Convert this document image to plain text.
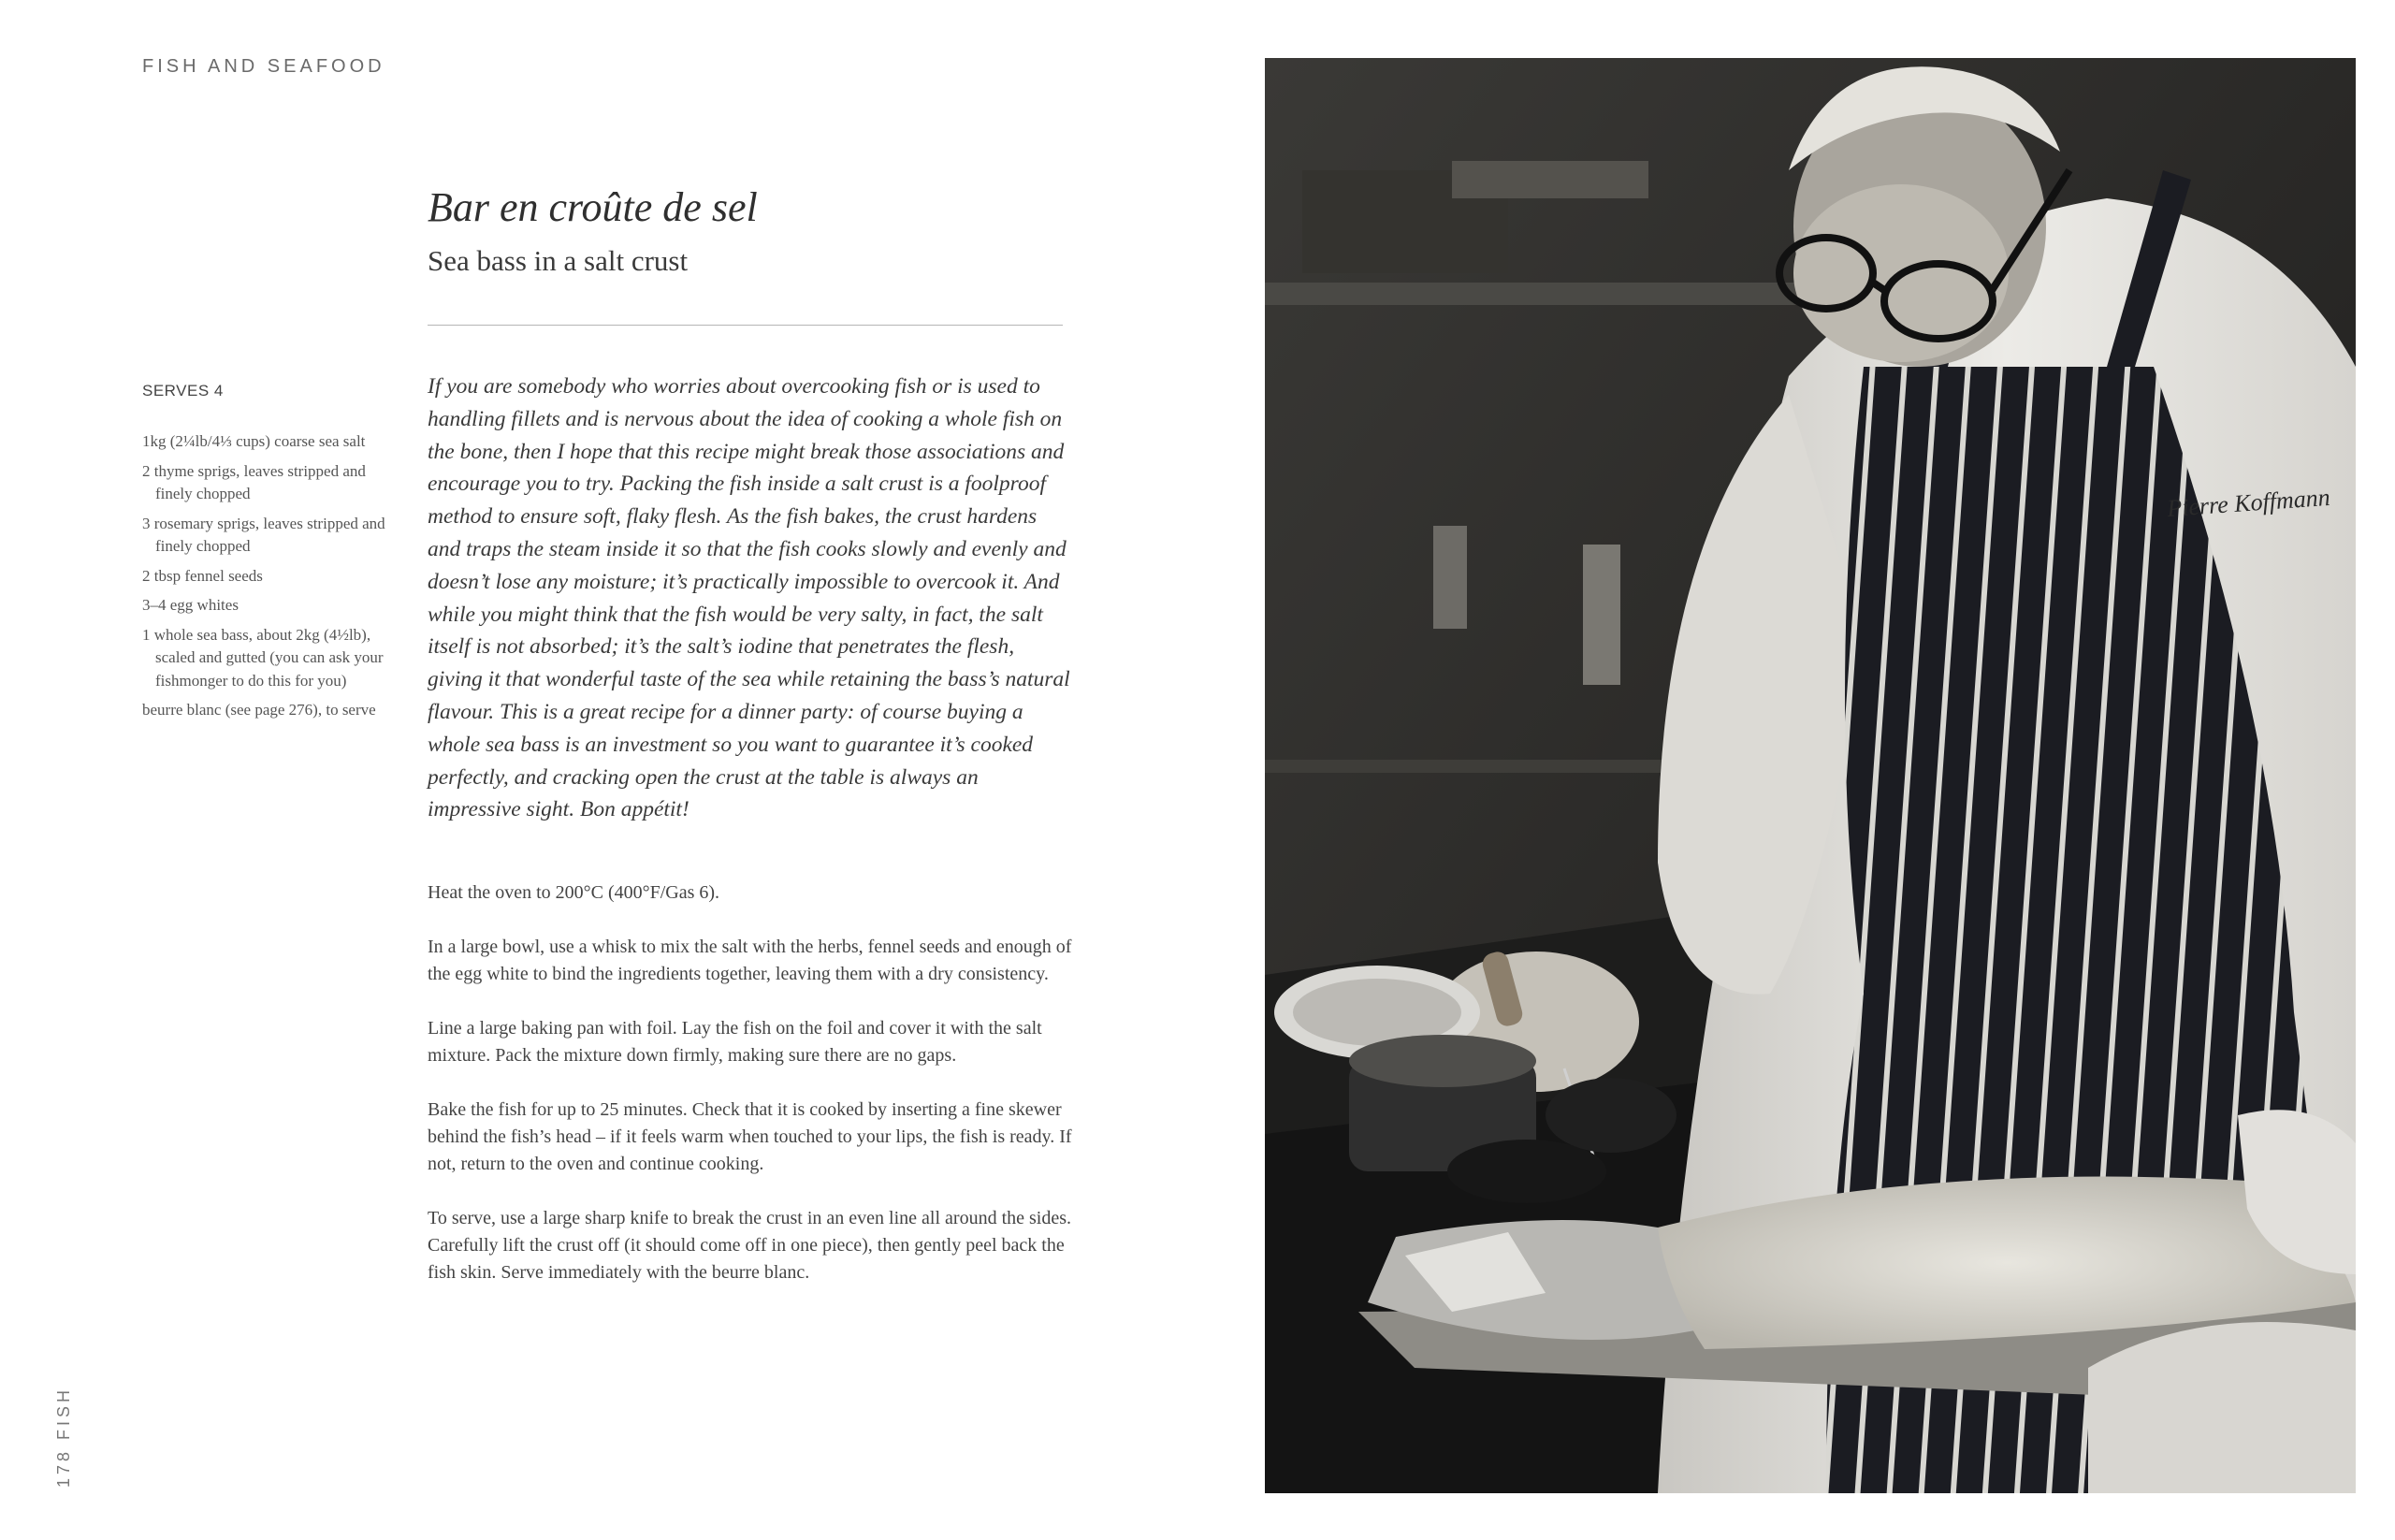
FISH AND SEAFOOD
Bar en croûte de sel
Sea bass in a salt crust
SERVES 4
1kg (2¼lb/4⅓ cups) coarse sea salt
2 thyme sprigs, leaves stripped and finely chopped
3 rosemary sprigs, leaves stripped and finely chopped
2 tbsp fennel seeds
3–4 egg whites
1 whole sea bass, about 2kg (4½lb), scaled and gutted (you can ask your fishmonger to do this for you)
beurre blanc (see page 276), to serve

If you are somebody who worries about overcooking fish or is used to handling fillets and is nervous about the idea of cooking a whole fish on the bone, then I hope that this recipe might break those associations and encourage you to try. Packing the fish inside a salt crust is a foolproof method to ensure soft, flaky flesh. As the fish bakes, the crust hardens and traps the steam inside it so that the fish cooks slowly and evenly and doesn’t lose any moisture; it’s practically impossible to overcook it. And while you might think that the fish would be very salty, in fact, the salt itself is not absorbed; it’s the salt’s iodine that penetrates the flesh, giving it that wonderful taste of the sea while retaining the bass’s natural flavour. This is a great recipe for a dinner party: of course buying a whole sea bass is an investment so you want to guarantee it’s cooked perfectly, and cracking open the crust at the table is always an impressive sight. Bon appétit!

Heat the oven to 200°C (400°F/Gas 6).

In a large bowl, use a whisk to mix the salt with the herbs, fennel seeds and enough of the egg white to bind the ingredients together, leaving them with a dry consistency.

Line a large baking pan with foil. Lay the fish on the foil and cover it with the salt mixture. Pack the mixture down firmly, making sure there are no gaps.

Bake the fish for up to 25 minutes. Check that it is cooked by inserting a fine skewer behind the fish’s head – if it feels warm when touched to your lips, the fish is ready. If not, return to the oven and continue cooking.

To serve, use a large sharp knife to break the crust in an even line all around the sides. Carefully lift the crust off (it should come off in one piece), then gently peel back the fish skin. Serve immediately with the beurre blanc.

178 FISH
Pierre Koffmann
